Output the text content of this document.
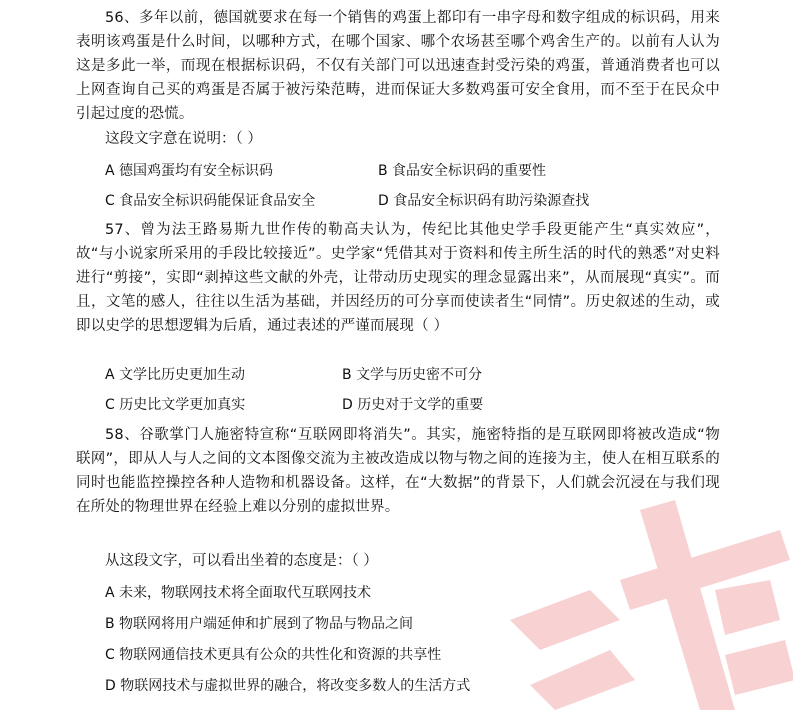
56、多年以前，德国就要求在每一个销售的鸡蛋上都印有一串字母和数字组成的标识码，用来表明该鸡蛋是什么时间，以哪种方式，在哪个国家、哪个农场甚至哪个鸡舍生产的。以前有人认为这是多此一举，而现在根据标识码，不仅有关部门可以迅速查封受污染的鸡蛋，普通消费者也可以上网查询自己买的鸡蛋是否属于被污染范畴，进而保证大多数鸡蛋可安全食用，而不至于在民众中引起过度的恐慌。

这段文字意在说明：（ ）
A 德国鸡蛋均有安全标识码	B 食品安全标识码的重要性
C 食品安全标识码能保证食品安全	D 食品安全标识码有助污染源查找

57、曾为法王路易斯九世作传的勒高夫认为，传纪比其他史学手段更能产生“真实效应”，故“与小说家所采用的手段比较接近”。史学家“凭借其对于资料和传主所生活的时代的熟悉”对史料进行“剪接”，实即“剥掉这些文献的外壳，让带动历史现实的理念显露出来”，从而展现“真实”。而且，文笔的感人，往往以生活为基础，并因经历的可分享而使读者生“同情”。历史叙述的生动，或即以史学的思想逻辑为后盾，通过表述的严谨而展现（ ）

A 文学比历史更加生动	B 文学与历史密不可分
C 历史比文学更加真实	D 历史对于文学的重要

58、谷歌掌门人施密特宣称“互联网即将消失”。其实，施密特指的是互联网即将被改造成“物联网”，即从人与人之间的文本图像交流为主被改造成以物与物之间的连接为主，使人在相互联系的同时也能监控操控各种人造物和机器设备。这样，在“大数据”的背景下，人们就会沉浸在与我们现在所处的物理世界在经验上难以分别的虚拟世界。

从这段文字，可以看出坐着的态度是：（ ）
A 未来，物联网技术将全面取代互联网技术
B 物联网将用户端延伸和扩展到了物品与物品之间
C 物联网通信技术更具有公众的共性化和资源的共享性
D 物联网技术与虚拟世界的融合，将改变多数人的生活方式
